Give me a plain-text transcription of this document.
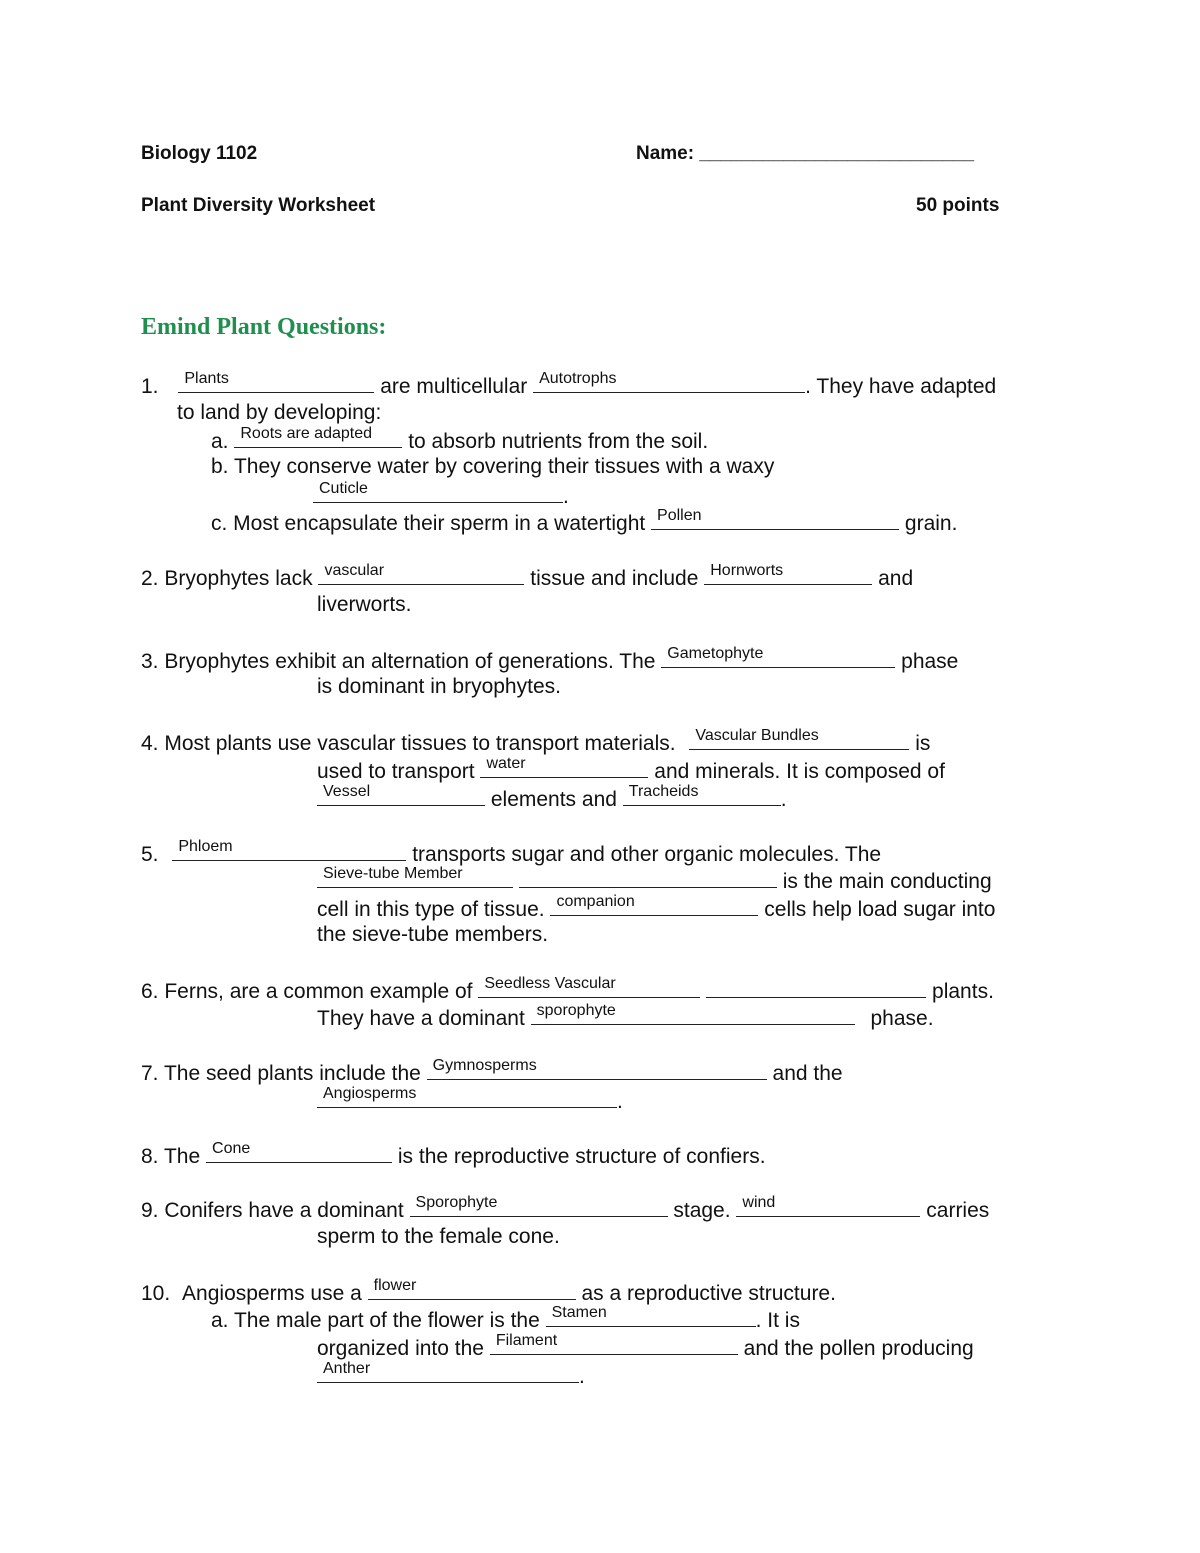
Biology 1102	Name: __________________________
Plant Diversity Worksheet	50 points
Emind Plant Questions:
1. Plants	are multicellular Autotrophs	. They have adapted
to land by developing:
a. Roots are adapted to absorb nutrients from the soil.
b. They conserve water by covering their tissues with a waxy
Cuticle	.
c. Most encapsulate their sperm in a watertight Pollen	grain.
2. Bryophytes lack vascular	tissue and include Hornworts	and
liverworts.
3. Bryophytes exhibit an alternation of generations. The Gametophyte	phase
is dominant in bryophytes.
4. Most plants use vascular tissues to transport materials. Vascular Bundles	is
used to transport water	and minerals. It is composed of
Vessel	elements and Tracheids	.
5. Phloem	transports sugar and other organic molecules. The
Sieve-tube Member	is the main conducting
cell in this type of tissue. companion	cells help load sugar into
the sieve-tube members.
6. Ferns, are a common example of Seedless Vascular	plants.
They have a dominant sporophyte	phase.
7. The seed plants include the Gymnosperms	and the
Angiosperms	.
8. The Cone	is the reproductive structure of confiers.
9. Conifers have a dominant Sporophyte	stage. wind	carries
sperm to the female cone.
10. Angiosperms use a flower	as a reproductive structure.
a. The male part of the flower is the Stamen	. It is
organized into the Filament	and the pollen producing
Anther	.
